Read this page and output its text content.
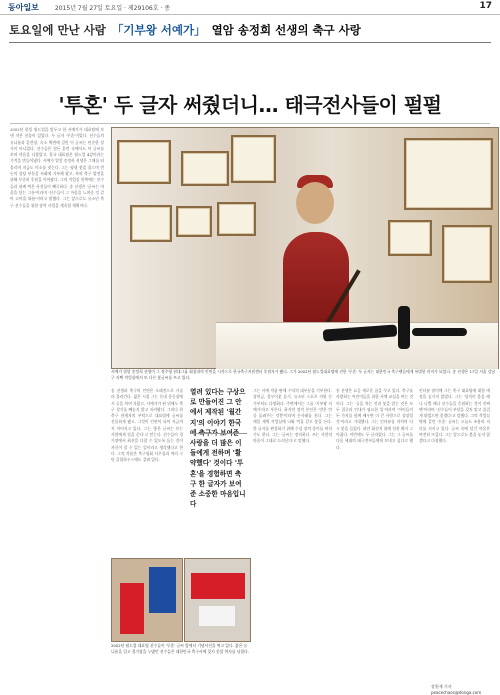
동아일보	2015년 7월 27일 토요일 · 제29106호 · 종	17
토요일에 만난 사람 「기부왕 서예가」 열암 송정희 선생의 축구 사랑
'투혼' 두 글자 써줬더니… 태극전사들이 펄펄

2002년 한일 월드컵을 앞두고 한 서예가가 대표팀에 보낸 작은 선물이 있었다. 두 글자 '투혼'이었다. 선수들의 유니폼과 훈련장, 숙소 벽면에 걸린 이 글씨는 단순한 장식이 아니었다. 선수들은 힘든 훈련 속에서도 이 글씨를 보며 마음을 다잡았고, 결국 대표팀은 월드컵 4강이라는 기적을 만들어냈다. 서예가 열암 송정희 선생은 그때를 떠올리며 지금도 미소를 짓는다. 그는 평생 붓을 잡으며 번 돈의 상당 부분을 사회에 기부해 왔고, 특히 축구 발전을 위해 꾸준히 후원을 이어왔다. 그의 작업실 한쪽에는 선수들과 함께 찍은 사진들이 빼곡하다. 송 선생은 '글씨는 마음을 담는 그릇'이라며 '선수들이 그 마음을 느껴준 것 같아 고마울 따름'이라고 말했다. 그는 앞으로도 유소년 축구 선수들을 위한 장학 사업을 계속할 계획이다.

서예가 열암 송정희 선생이 그 정주영 현대그룹 회장과의 인연을 시작으로 한국축구지원센터 후원자가 됐다. 그가 2002년 월드컵대표팀에 전한 '투혼' 두 글자는 대한민국 축구팬들에게 특별한 의미가 되었다. 송 선생은 17일 서울 강남구 자택 작업실에서 또 다른 붓글씨를 쓰고 있다.

송 선생과 축구의 인연은 오래전으로 거슬러 올라간다. 젊은 시절 그는 동네 운동장에서 공을 차며 자랐고, 서예가가 된 뒤에도 축구 경기를 빼놓지 않고 지켜봤다. 그러다 한 축구 관계자의 부탁으로 대표팀에 글씨를 선물하게 됐고, 그것이 인연이 되어 지금까지 이어지고 있다. 그는 '좋은 글씨는 보는 사람에게 힘을 준다'고 믿는다. 선수들이 경기장에서 최선을 다할 수 있도록 돕는 것이 자신이 할 수 있는 일이라고 생각했다고 한다. 그의 작품은 축구협회 사무실과 여러 구단 클럽하우스에도 걸려 있다.

열려 있다는 구상으로 만들어진 그 안에서 제작된 '월간지'의 이야기 한국 사랑을 더 많은 이들에게 전하며 '활약했다' 것이다 '투혼'을 경험하면 축구 한 글자가 보여준 소중한 마음입니다

그는 서예 작품 판매 수익의 대부분을 기부한다. 장학금, 불우이웃 돕기, 유소년 스포츠 지원 등 기부처도 다양하다. 주변에서는 그를 '기부왕 서예가'라고 부른다. 하지만 정작 본인은 '받은 만큼 돌려주는 것뿐'이라며 손사래를 친다. 그는 매일 새벽 작업실에 나와 먹을 갈고 붓을 든다. 한 글자를 완성하기 위해 수십 장의 종이를 버리기도 한다. 그는 '글씨는 정직하다. 쓰는 사람의 마음이 그대로 드러난다'고 말했다.

송 선생은 요즘 새로운 꿈을 꾸고 있다. 축구를 사랑하는 어린이들을 위한 서예 교실을 여는 것이다. 그는 '공을 차는 것과 붓을 잡는 것은 모두 집중과 인내가 필요한 일'이라며 '아이들이 두 가지를 함께 배우면 더 큰 사람으로 성장할 것'이라고 기대했다. 그는 인터뷰를 마치며 다시 붓을 들었다. 하얀 화선지 위에 힘찬 획이 그어졌다. 이번에도 두 글자였다. 그는 그 글씨를 다음 세대의 태극전사들에게 보내고 싶다고 했다.

인터뷰 말미에 그는 축구 대표팀에 대한 애정을 숨기지 않았다. 그는 '성적이 좋을 때나 나쁠 때나 선수들을 응원하는 것이 진짜 팬'이라며 '선수들이 부담을 갖지 말고 즐겁게 뛰었으면 좋겠다'고 말했다. 그의 작업실 벽에 걸린 '투혼' 글씨는 오늘도 조용히 자리를 지키고 있다. 글씨 속에 담긴 마음은 여전히 뜨겁다. 그는 앞으로도 붓을 놓지 않겠다고 다짐했다.

2002년 월드컵 대표팀 선수들이 '투혼' 글씨 앞에서 기념사진을 찍고 있다. 붉은 유니폼을 입고 경기장을 누볐던 선수들은 대한민국 축구사에 잊지 못할 역사를 남겼다.
장원재 기자 peacechaos@donga.com
